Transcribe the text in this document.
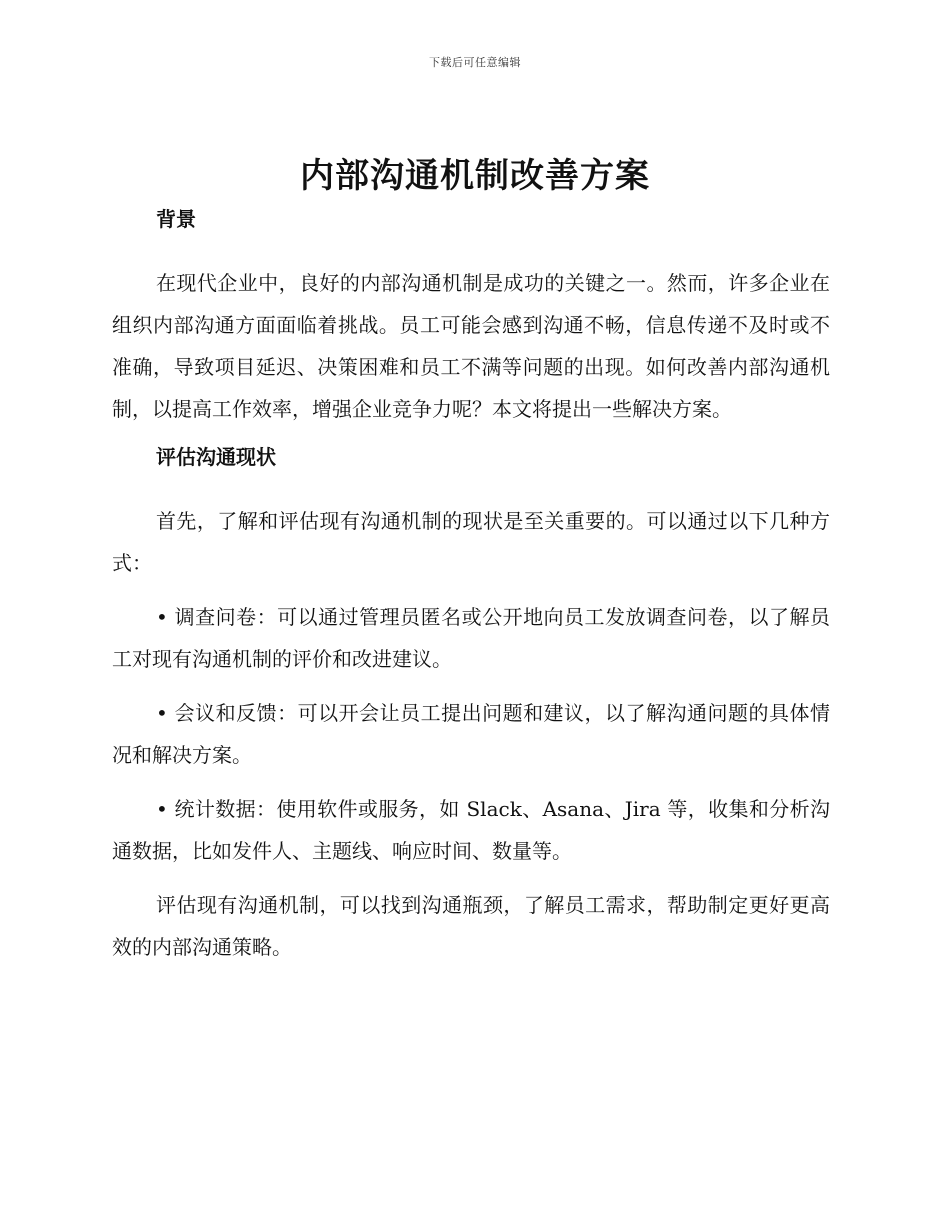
下载后可任意编辑
内部沟通机制改善方案
背景

在现代企业中，良好的内部沟通机制是成功的关键之一。然而，许多企业在组织内部沟通方面面临着挑战。员工可能会感到沟通不畅，信息传递不及时或不准确，导致项目延迟、决策困难和员工不满等问题的出现。如何改善内部沟通机制，以提高工作效率，增强企业竞争力呢？本文将提出一些解决方案。

评估沟通现状

首先，了解和评估现有沟通机制的现状是至关重要的。可以通过以下几种方式：

• 调查问卷：可以通过管理员匿名或公开地向员工发放调查问卷，以了解员工对现有沟通机制的评价和改进建议。

• 会议和反馈：可以开会让员工提出问题和建议，以了解沟通问题的具体情况和解决方案。

• 统计数据：使用软件或服务，如 Slack、Asana、Jira 等，收集和分析沟通数据，比如发件人、主题线、响应时间、数量等。

评估现有沟通机制，可以找到沟通瓶颈，了解员工需求，帮助制定更好更高效的内部沟通策略。
